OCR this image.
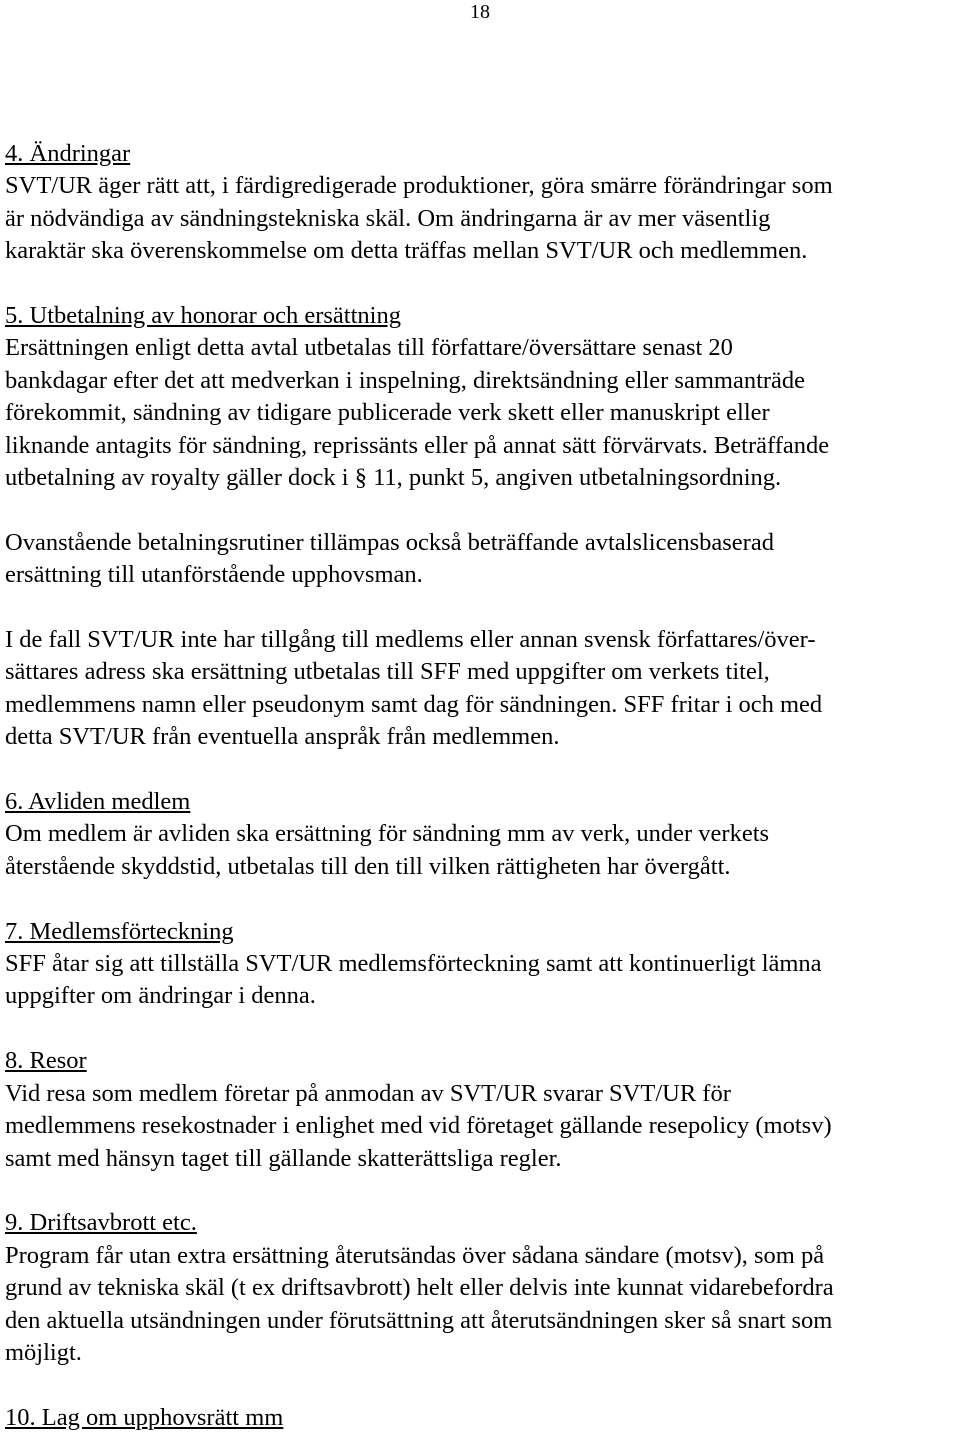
18
4. Ändringar
SVT/UR äger rätt att, i färdigredigerade produktioner, göra smärre förändringar som
är nödvändiga av sändningstekniska skäl. Om ändringarna är av mer väsentlig
karaktär ska överenskommelse om detta träffas mellan SVT/UR och medlemmen.
5. Utbetalning av honorar och ersättning

Ersättningen enligt detta avtal utbetalas till författare/översättare senast 20
bankdagar efter det att medverkan i inspelning, direktsändning eller sammanträde
förekommit, sändning av tidigare publicerade verk skett eller manuskript eller
liknande antagits för sändning, reprissänts eller på annat sätt förvärvats. Beträffande
utbetalning av royalty gäller dock i § 11, punkt 5, angiven utbetalningsordning.

Ovanstående betalningsrutiner tillämpas också beträffande avtalslicensbaserad
ersättning till utanförstående upphovsman.

I de fall SVT/UR inte har tillgång till medlems eller annan svensk författares/över-
sättares adress ska ersättning utbetalas till SFF med uppgifter om verkets titel,
medlemmens namn eller pseudonym samt dag för sändningen. SFF fritar i och med
detta SVT/UR från eventuella anspråk från medlemmen.

6. Avliden medlem
Om medlem är avliden ska ersättning för sändning mm av verk, under verkets
återstående skyddstid, utbetalas till den till vilken rättigheten har övergått.
7. Medlemsförteckning
SFF åtar sig att tillställa SVT/UR medlemsförteckning samt att kontinuerligt lämna
uppgifter om ändringar i denna.
8. Resor
Vid resa som medlem företar på anmodan av SVT/UR svarar SVT/UR för
medlemmens resekostnader i enlighet med vid företaget gällande resepolicy (motsv)
samt med hänsyn taget till gällande skatterättsliga regler.
9. Driftsavbrott etc.
Program får utan extra ersättning återutsändas över sådana sändare (motsv), som på
grund av tekniska skäl (t ex driftsavbrott) helt eller delvis inte kunnat vidarebefordra
den aktuella utsändningen under förutsättning att återutsändningen sker så snart som
möjligt.
10. Lag om upphovsrätt mm
